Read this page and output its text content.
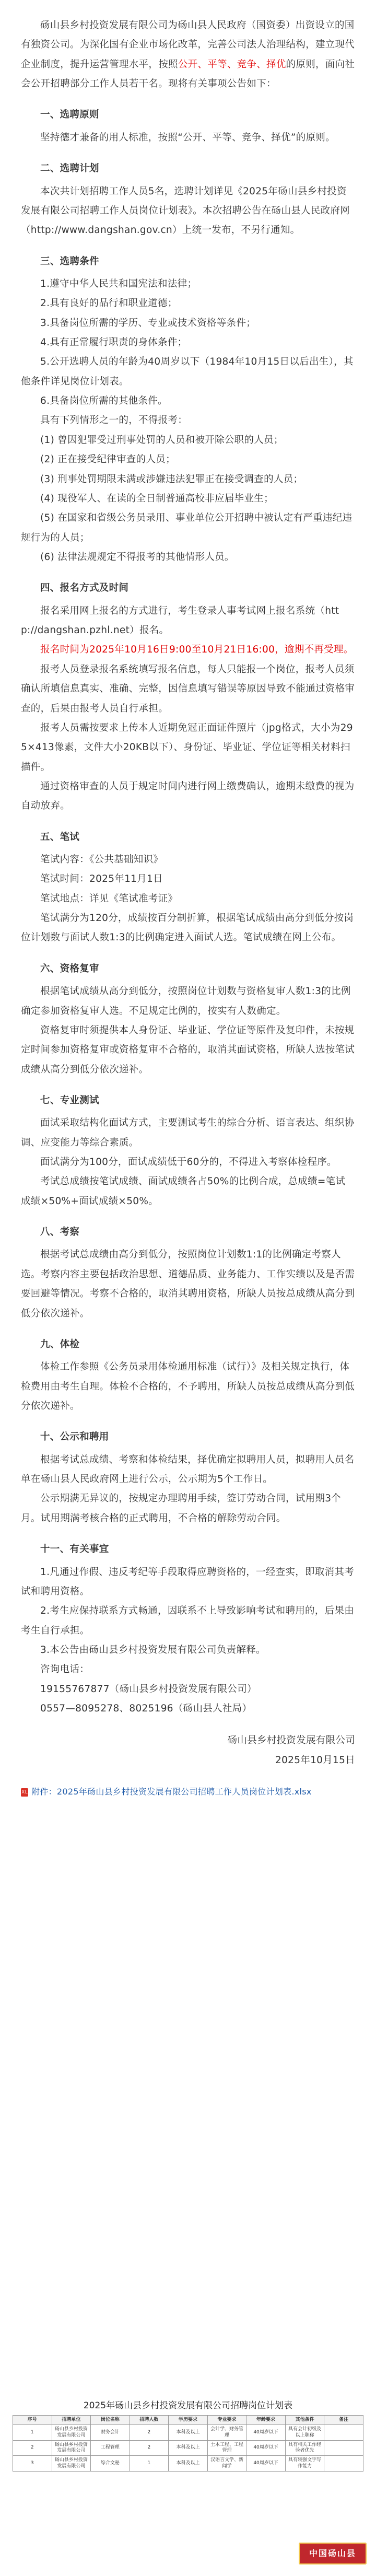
砀山县乡村投资发展有限公司为砀山县人民政府（国资委）出资设立的国有独资公司。为深化国有企业市场化改革，完善公司法人治理结构，建立现代企业制度，提升运营管理水平，按照公开、平等、竞争、择优的原则，面向社会公开招聘部分工作人员若干名。现将有关事项公告如下：

一、选聘原则

坚持德才兼备的用人标准，按照“公开、平等、竞争、择优”的原则。

二、选聘计划

本次共计划招聘工作人员5名，选聘计划详见《2025年砀山县乡村投资发展有限公司招聘工作人员岗位计划表》。本次招聘公告在砀山县人民政府网（http://www.dangshan.gov.cn）上统一发布，不另行通知。

三、选聘条件

1.遵守中华人民共和国宪法和法律；

2.具有良好的品行和职业道德；

3.具备岗位所需的学历、专业或技术资格等条件；

4.具有正常履行职责的身体条件；

5.公开选聘人员的年龄为40周岁以下（1984年10月15日以后出生），其他条件详见岗位计划表。

6.具备岗位所需的其他条件。

具有下列情形之一的，不得报考：

(1) 曾因犯罪受过刑事处罚的人员和被开除公职的人员；

(2) 正在接受纪律审查的人员；

(3) 刑事处罚期限未满或涉嫌违法犯罪正在接受调查的人员；

(4) 现役军人、在读的全日制普通高校非应届毕业生；

(5) 在国家和省级公务员录用、事业单位公开招聘中被认定有严重违纪违规行为的人员；

(6) 法律法规规定不得报考的其他情形人员。

四、报名方式及时间

报名采用网上报名的方式进行，考生登录人事考试网上报名系统（http://dangshan.pzhl.net）报名。

报名时间为2025年10月16日9:00至10月21日16:00，逾期不再受理。

报考人员登录报名系统填写报名信息，每人只能报一个岗位，报考人员须确认所填信息真实、准确、完整，因信息填写错误等原因导致不能通过资格审查的，后果由报考人员自行承担。

报考人员需按要求上传本人近期免冠正面证件照片（jpg格式，大小为295×413像素，文件大小20KB以下）、身份证、毕业证、学位证等相关材料扫描件。

通过资格审查的人员于规定时间内进行网上缴费确认，逾期未缴费的视为自动放弃。

五、笔试

笔试内容：《公共基础知识》

笔试时间：2025年11月1日

笔试地点：详见《笔试准考证》

笔试满分为120分，成绩按百分制折算，根据笔试成绩由高分到低分按岗位计划数与面试人数1:3的比例确定进入面试人选。笔试成绩在网上公布。

六、资格复审

根据笔试成绩从高分到低分，按照岗位计划数与资格复审人数1:3的比例确定参加资格复审人选。不足规定比例的，按实有人数确定。

资格复审时须提供本人身份证、毕业证、学位证等原件及复印件，未按规定时间参加资格复审或资格复审不合格的，取消其面试资格，所缺人选按笔试成绩从高分到低分依次递补。

七、专业测试

面试采取结构化面试方式，主要测试考生的综合分析、语言表达、组织协调、应变能力等综合素质。

面试满分为100分，面试成绩低于60分的，不得进入考察体检程序。

考试总成绩按笔试成绩、面试成绩各占50%的比例合成，总成绩=笔试成绩×50%+面试成绩×50%。

八、考察

根据考试总成绩由高分到低分，按照岗位计划数1:1的比例确定考察人选。考察内容主要包括政治思想、道德品质、业务能力、工作实绩以及是否需要回避等情况。考察不合格的，取消其聘用资格，所缺人员按总成绩从高分到低分依次递补。

九、体检

体检工作参照《公务员录用体检通用标准（试行）》及相关规定执行，体检费用由考生自理。体检不合格的，不予聘用，所缺人员按总成绩从高分到低分依次递补。

十、公示和聘用

根据考试总成绩、考察和体检结果，择优确定拟聘用人员，拟聘用人员名单在砀山县人民政府网上进行公示，公示期为5个工作日。

公示期满无异议的，按规定办理聘用手续，签订劳动合同，试用期3个月。试用期满考核合格的正式聘用，不合格的解除劳动合同。

十一、有关事宜

1.凡通过作假、违反考纪等手段取得应聘资格的，一经查实，即取消其考试和聘用资格。

2.考生应保持联系方式畅通，因联系不上导致影响考试和聘用的，后果由考生自行承担。

3.本公告由砀山县乡村投资发展有限公司负责解释。

咨询电话：

19155767877（砀山县乡村投资发展有限公司）

0557—8095278、8025196（砀山县人社局）

砀山县乡村投资发展有限公司

2025年10月15日

XLS附件：2025年砀山县乡村投资发展有限公司招聘工作人员岗位计划表.xlsx

2025年砀山县乡村投资发展有限公司招聘岗位计划表

序号	招聘单位	岗位名称	招聘人数	学历要求	专业要求	年龄要求	其他条件	备注
1	砀山县乡村投资发展有限公司	财务会计	2	本科及以上	会计学、财务管理	40周岁以下	具有会计初级及以上职称	
2	砀山县乡村投资发展有限公司	工程管理	2	本科及以上	土木工程、工程管理	40周岁以下	具有相关工作经验者优先	
3	砀山县乡村投资发展有限公司	综合文秘	1	本科及以上	汉语言文学、新闻学	40周岁以下	具有较强文字写作能力	
中国砀山县
